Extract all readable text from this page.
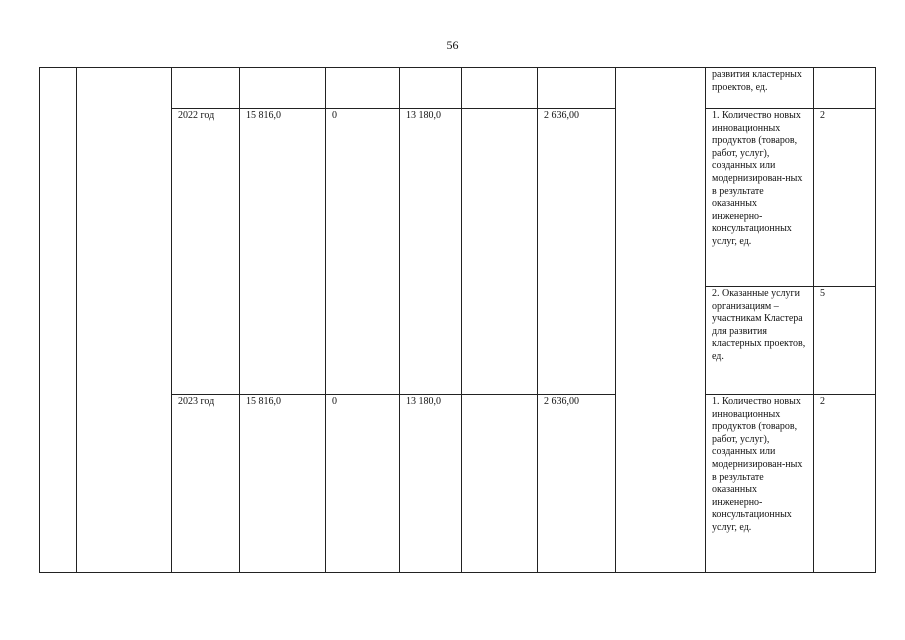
56
									развития кластерных проектов, ед.	
		2022 год	15 816,0	0	13 180,0		2 636,00		1. Количество новых инновационных продуктов (товаров, работ, услуг), созданных или модернизирован-ных в результате оказанных инженерно-консультационных услуг, ед.	2
									2. Оказанные услуги организациям – участникам Кластера для развития кластерных проектов, ед.	5
		2023 год	15 816,0	0	13 180,0		2 636,00		1. Количество новых инновационных продуктов (товаров, работ, услуг), созданных или модернизирован-ных в результате оказанных инженерно-консультационных услуг, ед.	2
